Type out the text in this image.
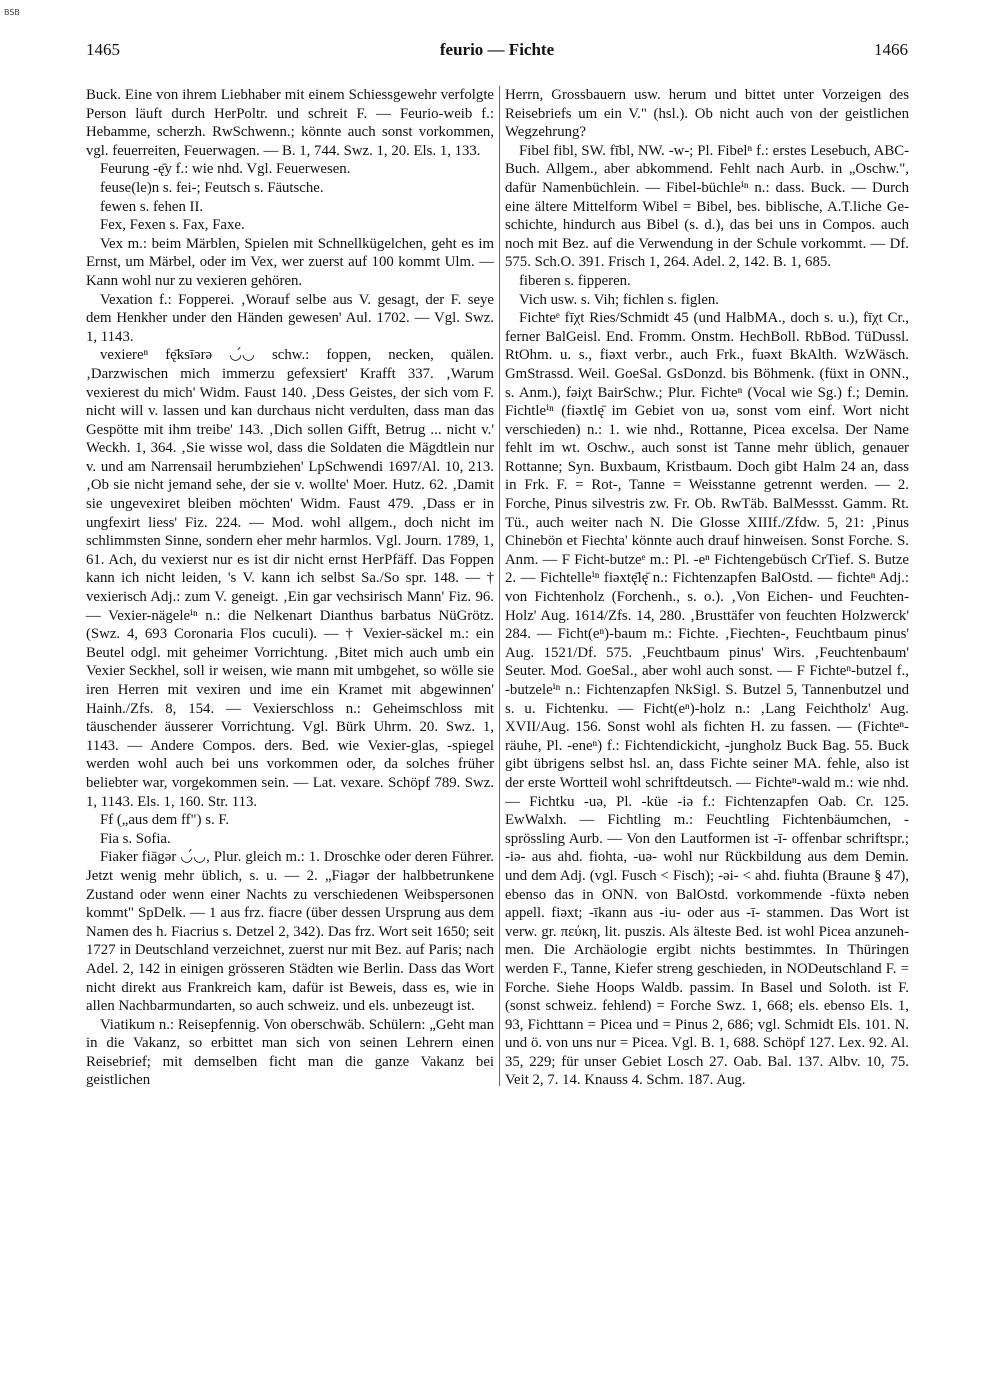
BSB
1465	feurio — Fichte	1466

Buck. Eine von ihrem Liebhaber mit einem Schiessgewehr verfolgte Person läuft durch HerPoltr. und schreit F. — Feurio-weib f.: Hebamme, scherzh. RwSchwenn.; könnte auch sonst vorkommen, vgl. feuerreiten, Feuerwagen. — B. 1, 744. Swz. 1, 20. Els. 1, 133.

Feurung -ę̄y f.: wie nhd. Vgl. Feuerwesen.

feuse(le)n s. fei-; Feutsch s. Fäutsche.

fewen s. fehen II.

Fex, Fexen s. Fax, Faxe.

Vex m.: beim Märblen, Spielen mit Schnellkügelchen, geht es im Ernst, um Märbel, oder im Vex, wer zuerst auf 100 kommt Ulm. — Kann wohl nur zu vexieren gehören.

Vexation f.: Fopperei. ‚Worauf selbe aus V. gesagt, der F. seye dem Henkher under den Händen gewesen' Aul. 1702. — Vgl. Swz. 1, 1143.

vexiereⁿ fę̄ksīərə ◡́◡ schw.: foppen, necken, quälen. ‚Darzwischen mich immerzu gefexsiert' Krafft 337. ‚Warum vexierest du mich' Widm. Faust 140. ‚Dess Geistes, der sich vom F. nicht will v. lassen und kan durchaus nicht verdulten, dass man das Gespötte mit ihm treibe' 143. ‚Dich sollen Gifft, Betrug ... nicht v.' Weckh. 1, 364. ‚Sie wisse wol, dass die Soldaten die Mägdtlein nur v. und am Narrensail herumbziehen' LpSchwendi 1697/Al. 10, 213. ‚Ob sie nicht jemand sehe, der sie v. wollte' Moer. Hutz. 62. ‚Damit sie ungevexiret bleiben möchten' Widm. Faust 479. ‚Dass er in ungfexirt liess' Fiz. 224. — Mod. wohl allgem., doch nicht im schlimmsten Sinne, sondern eher mehr harmlos. Vgl. Journ. 1789, 1, 61. Ach, du vexierst nur es ist dir nicht ernst HerPfäff. Das Foppen kann ich nicht leiden, 's V. kann ich selbst Sa./So spr. 148. — † vexierisch Adj.: zum V. geneigt. ‚Ein gar vechsirisch Mann' Fiz. 96. — Vexier-nägeleⁱⁿ n.: die Nelkenart Dianthus barbatus NüGrötz. (Swz. 4, 693 Coronaria Flos cuculi). — † Vexier-säckel m.: ein Beutel odgl. mit geheimer Vorrichtung. ‚Bitet mich auch umb ein Vexier Seckhel, soll ir weisen, wie mann mit umbgehet, so wölle sie iren Herren mit vexiren und ime ein Kramet mit abgewinnen' Hainh./Zfs. 8, 154. — Vexierschloss n.: Geheimschloss mit täuschender äusserer Vorrichtung. Vgl. Bürk Uhrm. 20. Swz. 1, 1143. — Andere Compos. ders. Bed. wie Vexier-glas, -spiegel werden wohl auch bei uns vorkommen oder, da solches früher beliebter war, vorgekommen sein. — Lat. vexare. Schöpf 789. Swz. 1, 1143. Els. 1, 160. Str. 113.

Ff („aus dem ff") s. F.

Fia s. Sofia.

Fiaker fiāgər ◡́◡, Plur. gleich m.: 1. Droschke oder deren Führer. Jetzt wenig mehr üblich, s. u. — 2. „Fiagər der halbbetrunkene Zustand oder wenn einer Nachts zu verschiedenen Weibspersonen kommt" SpDelk. — 1 aus frz. fiacre (über dessen Ursprung aus dem Namen des h. Fiacrius s. Detzel 2, 342). Das frz. Wort seit 1650; seit 1727 in Deutschland verzeichnet, zuerst nur mit Bez. auf Paris; nach Adel. 2, 142 in einigen grösseren Städten wie Berlin. Dass das Wort nicht direkt aus Frankreich kam, dafür ist Beweis, dass es, wie in allen Nachbarmundarten, so auch schweiz. und els. unbezeugt ist.

Viatikum n.: Reisepfennig. Von oberschwäb. Schülern: „Geht man in die Vakanz, so erbittet man sich von seinen Lehrern einen Reisebrief; mit demselben ficht man die ganze Vakanz bei geistlichen

Herrn, Grossbauern usw. herum und bittet unter Vorzeigen des Reisebriefs um ein V." (hsl.). Ob nicht auch von der geistlichen Wegzehrung?

Fibel fibl, SW. fībl, NW. -w-; Pl. Fibelⁿ f.: erstes Lesebuch, ABC-Buch. Allgem., aber abkommend. Fehlt nach Aurb. in „Oschw.", dafür Namenbüchlein. — Fibel-büchleⁱⁿ n.: dass. Buck. — Durch eine ältere Mittelform Wibel = Bibel, bes. biblische, A.T.liche Geschichte, hindurch aus Bibel (s. d.), das bei uns in Compos. auch noch mit Bez. auf die Verwendung in der Schule vorkommt. — Df. 575. Sch.O. 391. Frisch 1, 264. Adel. 2, 142. B. 1, 685.

fiberen s. fipperen.

Vich usw. s. Vih; fichlen s. figlen.

Fichteᵉ fīχt Ries/Schmidt 45 (und HalbMA., doch s. u.), fīχt Cr., ferner BalGeisl. End. Fromm. Onstm. HechBoll. RbBod. TüDussl. RtOhm. u. s., fiəxt verbr., auch Frk., fuəxt BkAlth. WzWäsch. GmStrassd. Weil. GoeSal. GsDonzd. bis Böhmenk. (füxt in ONN., s. Anm.), fəiχt BairSchw.; Plur. Fichteⁿ (Vocal wie Sg.) f.; Demin. Fichtleⁱⁿ (fiəxtlę̄ im Gebiet von uə, sonst vom einf. Wort nicht verschieden) n.: 1. wie nhd., Rottanne, Picea excelsa. Der Name fehlt im wt. Oschw., auch sonst ist Tanne mehr üblich, genauer Rottanne; Syn. Buxbaum, Kristbaum. Doch gibt Halm 24 an, dass in Frk. F. = Rot-, Tanne = Weisstanne getrennt werden. — 2. Forche, Pinus silvestris zw. Fr. Ob. RwTäb. BalMessst. Gamm. Rt. Tü., auch weiter nach N. Die Glosse XIIIf./Zfdw. 5, 21: ‚Pinus Chinebön et Fiechta' könnte auch drauf hinweisen. Sonst Forche. S. Anm. — F Ficht-butzeᵉ m.: Pl. -eⁿ Fichtengebüsch CrTief. S. Butze 2. — Fichtelleⁱⁿ fiəxtę̄lę̄ n.: Fichtenzapfen BalOstd. — fichteⁿ Adj.: von Fichtenholz (Forchenh., s. o.). ‚Von Eichen- und Feuchten-Holz' Aug. 1614/Zfs. 14, 280. ‚Brusttäfer von feuchten Holzwerck' 284. — Ficht(eⁿ)-baum m.: Fichte. ‚Fiechten-, Feuchtbaum pinus' Aug. 1521/Df. 575. ‚Feuchtbaum pinus' Wirs. ‚Feuchtenbaum' Seuter. Mod. GoeSal., aber wohl auch sonst. — F Fichteⁿ-butzel f., -butzeleⁱⁿ n.: Fichtenzapfen NkSigl. S. Butzel 5, Tannenbutzel und s. u. Fichtenku. — Ficht(eⁿ)-holz n.: ‚Lang Feichtholz' Aug. XVII/Aug. 156. Sonst wohl als fichten H. zu fassen. — (Fichteⁿ-räuhe, Pl. -eneⁿ) f.: Fichtendickicht, -jungholz Buck Bag. 55. Buck gibt übrigens selbst hsl. an, dass Fichte seiner MA. fehle, also ist der erste Wortteil wohl schriftdeutsch. — Fichteⁿ-wald m.: wie nhd. — Fichtku -uə, Pl. -küe -iə f.: Fichtenzapfen Oab. Cr. 125. EwWalxh. — Fichtling m.: Feuchtling Fichtenbäumchen, -sprössling Aurb. — Von den Lautformen ist -ī- offenbar schriftspr.; -iə- aus ahd. fiohta, -uə- wohl nur Rückbildung aus dem Demin. und dem Adj. (vgl. Fusch < Fisch); -əi- < ahd. fiuhta (Braune § 47), ebenso das in ONN. von BalOstd. vorkommende -füxtə neben appell. fiəxt; -īkann aus -iu- oder aus -ī- stammen. Das Wort ist verw. gr. πεύκη, lit. puszis. Als älteste Bed. ist wohl Picea anzunehmen. Die Archäologie ergibt nichts bestimmtes. In Thüringen werden F., Tanne, Kiefer streng geschieden, in NODeutschland F. = Forche. Siehe Hoops Waldb. passim. In Basel und Soloth. ist F. (sonst schweiz. fehlend) = Forche Swz. 1, 668; els. ebenso Els. 1, 93, Fichttann = Picea und = Pinus 2, 686; vgl. Schmidt Els. 101. N. und ö. von uns nur = Picea. Vgl. B. 1, 688. Schöpf 127. Lex. 92. Al. 35, 229; für unser Gebiet Losch 27. Oab. Bal. 137. Albv. 10, 75. Veit 2, 7. 14. Knauss 4. Schm. 187. Aug.
